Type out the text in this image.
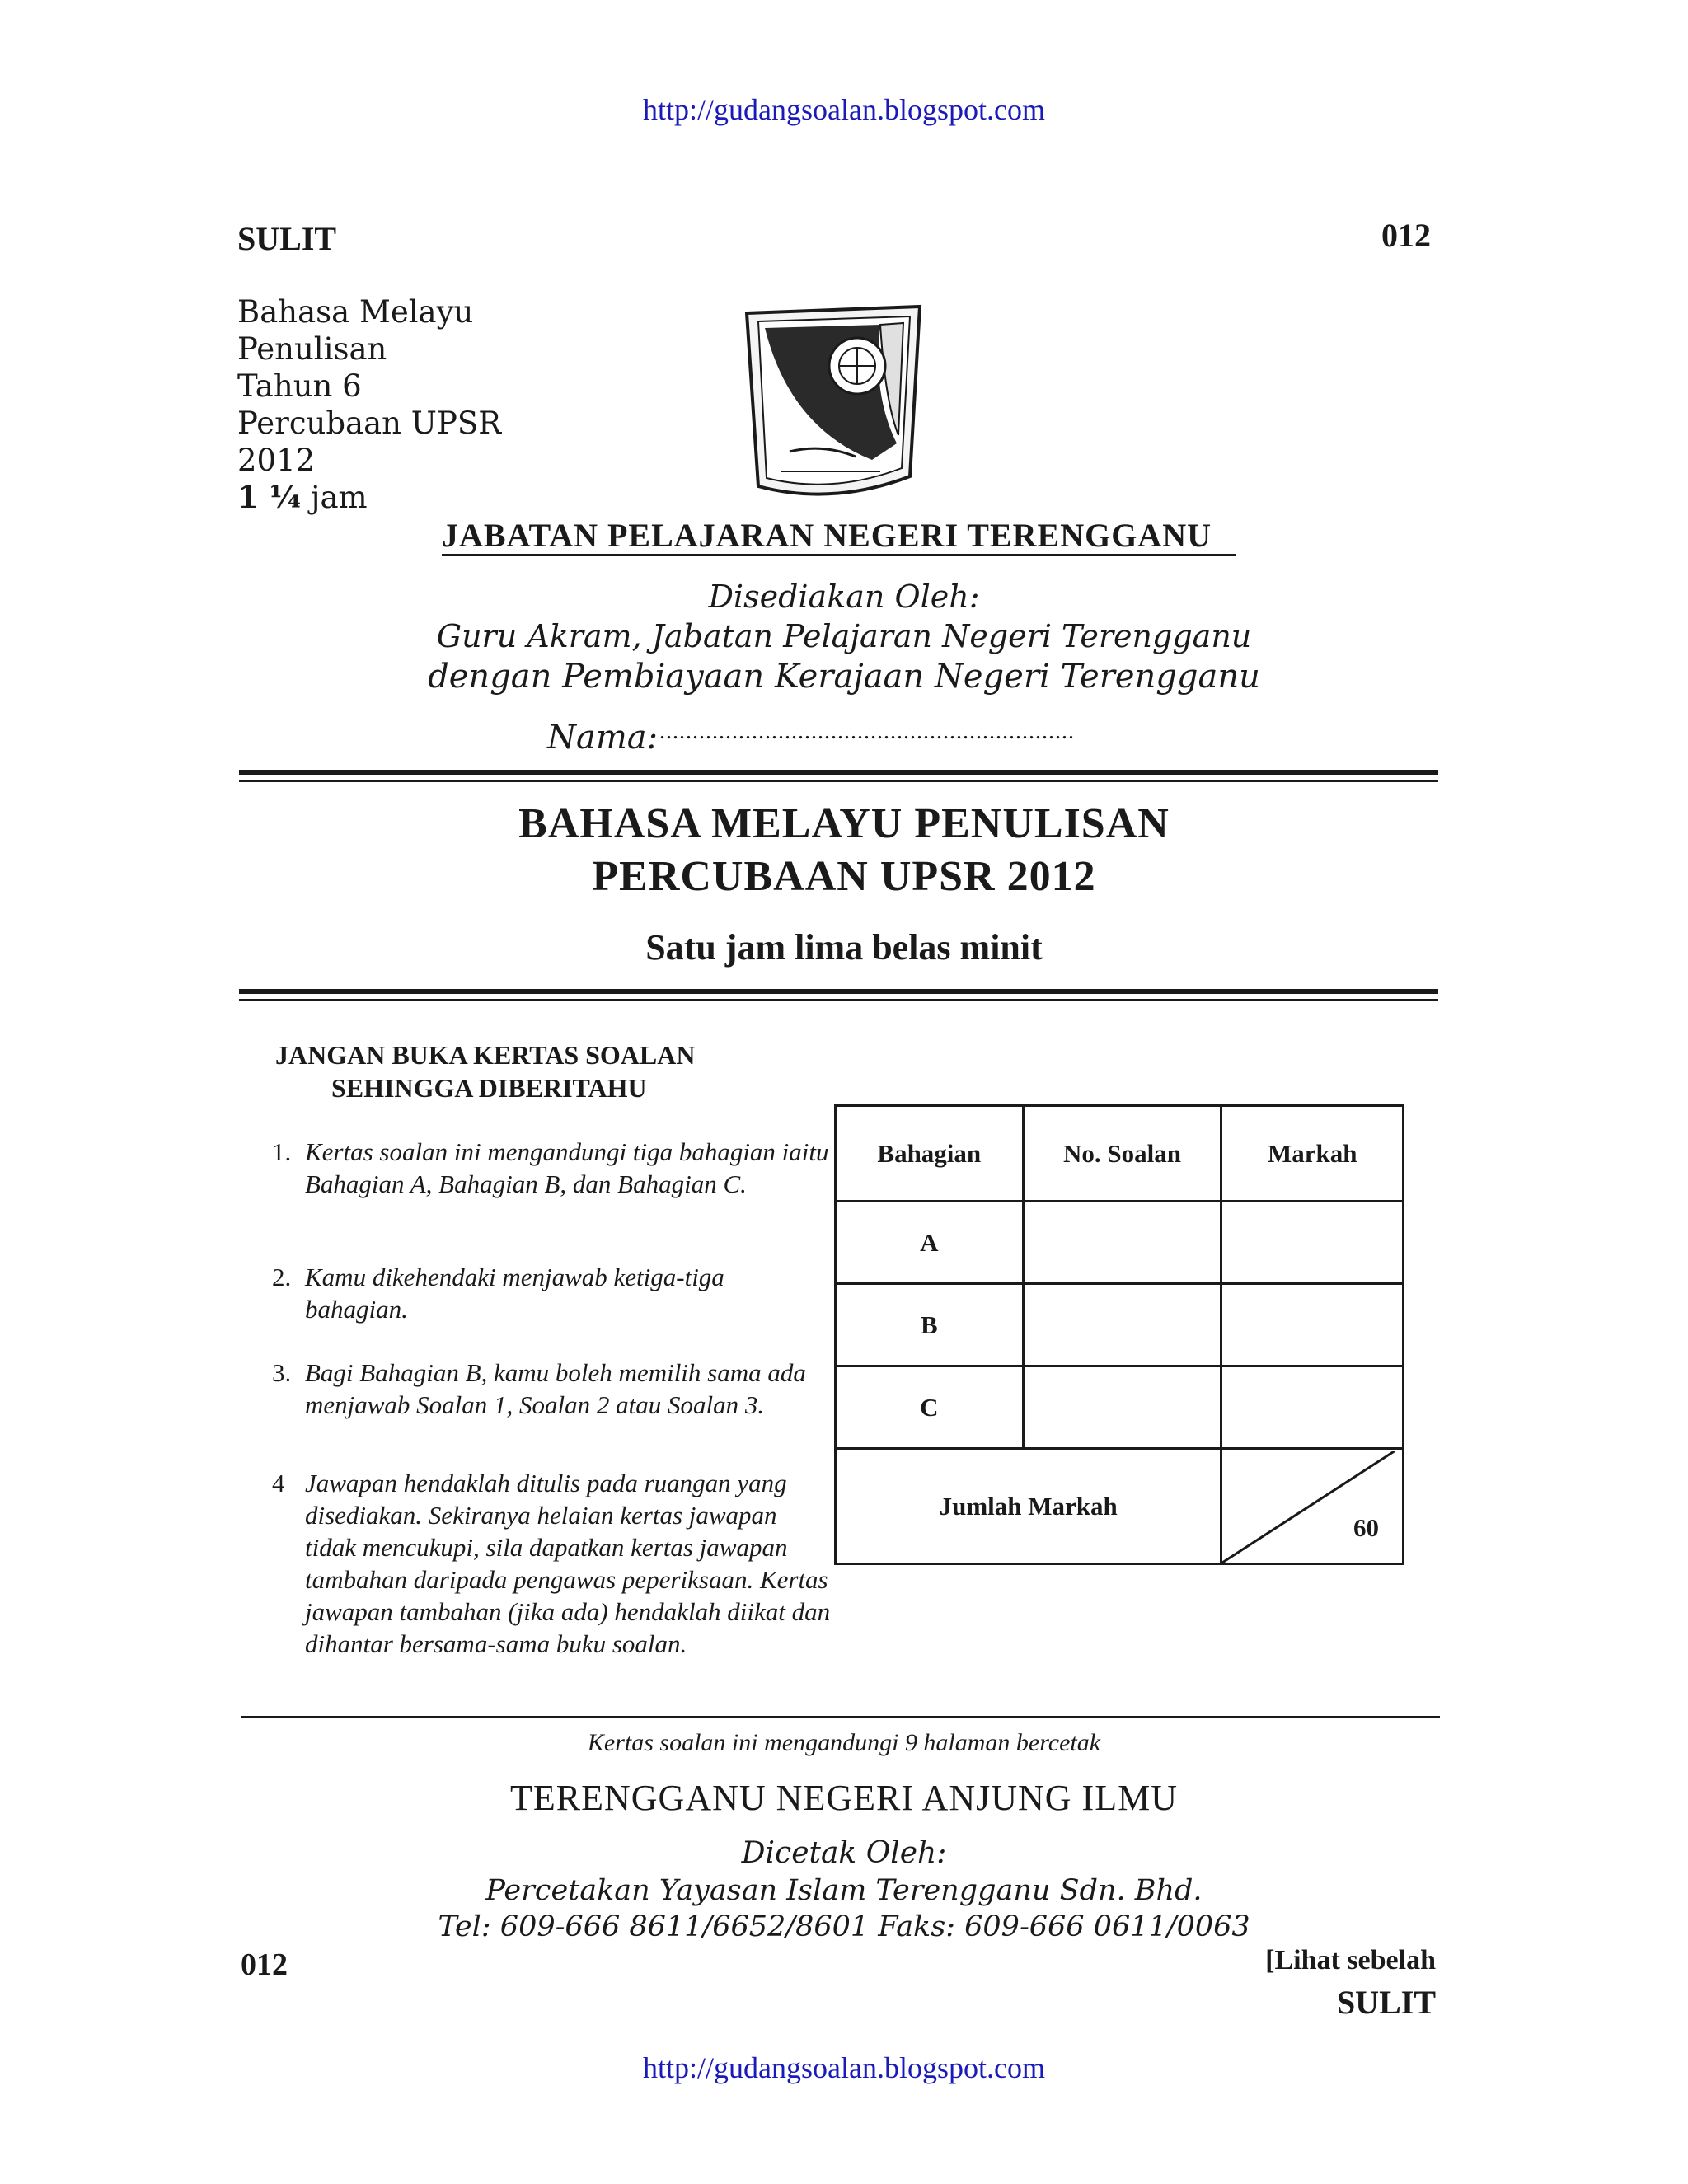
http://gudangsoalan.blogspot.com
SULIT	012
Bahasa Melayu
Penulisan
Tahun 6
Percubaan UPSR
2012
1 ¼ jam
JABATAN PELAJARAN NEGERI TERENGGANU
Disediakan Oleh:
Guru Akram, Jabatan Pelajaran Negeri Terengganu
dengan Pembiayaan Kerajaan Negeri Terengganu
Nama: ...............................................................
BAHASA MELAYU PENULISAN
PERCUBAAN UPSR 2012
Satu jam lima belas minit
JANGAN BUKA KERTAS SOALAN
SEHINGGA DIBERITAHU
1. Kertas soalan ini mengandungi tiga bahagian iaitu Bahagian A, Bahagian B, dan Bahagian C.
2. Kamu dikehendaki menjawab ketiga-tiga bahagian.
3. Bagi Bahagian B, kamu boleh memilih sama ada menjawab Soalan 1, Soalan 2 atau Soalan 3.
4 Jawapan hendaklah ditulis pada ruangan yang disediakan. Sekiranya helaian kertas jawapan tidak mencukupi, sila dapatkan kertas jawapan tambahan daripada pengawas peperiksaan. Kertas jawapan tambahan (jika ada) hendaklah diikat dan dihantar bersama-sama buku soalan.
Bahagian	No. Soalan	Markah
A		
B		
C		
Jumlah Markah		60
Kertas soalan ini mengandungi 9 halaman bercetak
TERENGGANU NEGERI ANJUNG ILMU
Dicetak Oleh:
Percetakan Yayasan Islam Terengganu Sdn. Bhd.
Tel: 609-666 8611/6652/8601 Faks: 609-666 0611/0063
012	[Lihat sebelah
SULIT
http://gudangsoalan.blogspot.com
